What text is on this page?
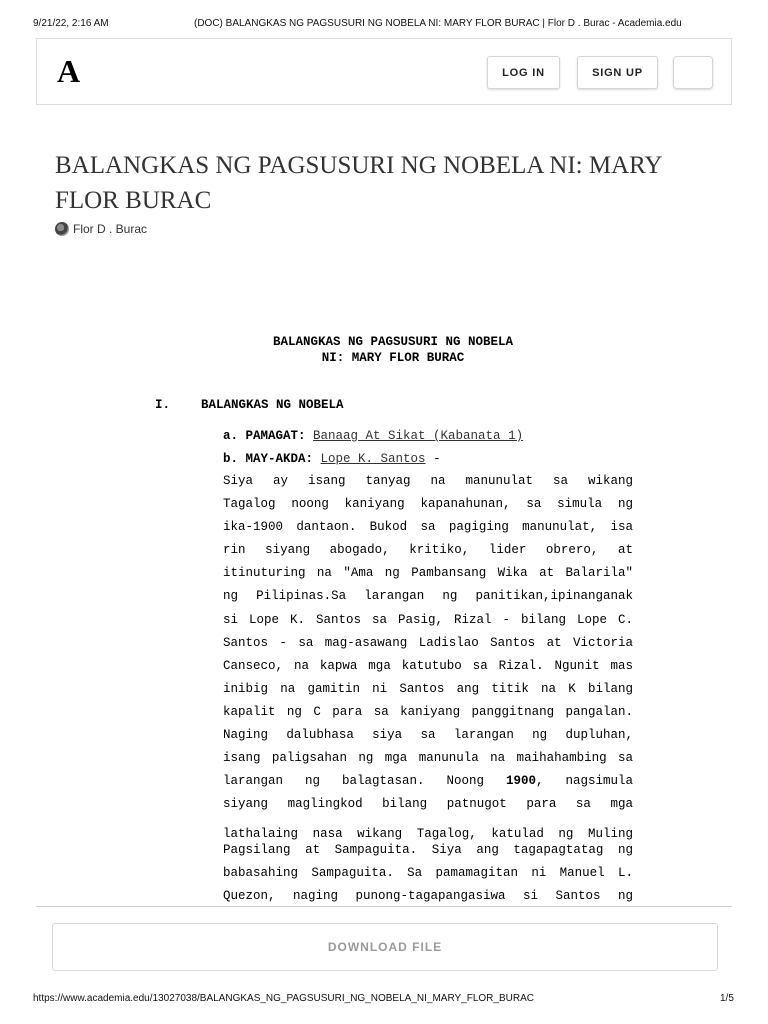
9/21/22, 2:16 AM	(DOC) BALANGKAS NG PAGSUSURI NG NOBELA NI: MARY FLOR BURAC | Flor D . Burac - Academia.edu
A	LOG IN	SIGN UP
BALANGKAS NG PAGSUSURI NG NOBELA NI: MARY FLOR BURAC
Flor D . Burac
BALANGKAS NG PAGSUSURI NG NOBELA
NI: MARY FLOR BURAC
I. BALANGKAS NG NOBELA
a. PAMAGAT: Banaag At Sikat (Kabanata 1)
b. MAY-AKDA: Lope K. Santos -
Siya ay isang tanyag na manunulat sa wikang
Tagalog noong kaniyang kapanahunan, sa simula ng
ika-1900 dantaon. Bukod sa pagiging manunulat, isa
rin siyang abogado, kritiko, lider obrero, at
itinuturing na "Ama ng Pambansang Wika at Balarila"
ng Pilipinas.Sa larangan ng panitikan,ipinanganak
si Lope K. Santos sa Pasig, Rizal - bilang Lope C.
Santos - sa mag-asawang Ladislao Santos at Victoria
Canseco, na kapwa mga katutubo sa Rizal. Ngunit mas
inibig na gamitin ni Santos ang titik na K bilang
kapalit ng C para sa kaniyang panggitnang pangalan.
Naging dalubhasa siya sa larangan ng dupluhan,
isang paligsahan ng mga manunula na maihahambing sa
larangan ng balagtasan. Noong 1900, nagsimula
siyang maglingkod bilang patnugot para sa mga
lathalaing nasa wikang Tagalog, katulad ng Muling
Pagsilang at Sampaguita. Siya ang tagapagtatag ng
babasahing Sampaguita. Sa pamamagitan ni Manuel L.
Quezon, naging punong-tagapangasiwa si Santos ng
DOWNLOAD FILE
https://www.academia.edu/13027038/BALANGKAS_NG_PAGSUSURI_NG_NOBELA_NI_MARY_FLOR_BURAC	1/5
